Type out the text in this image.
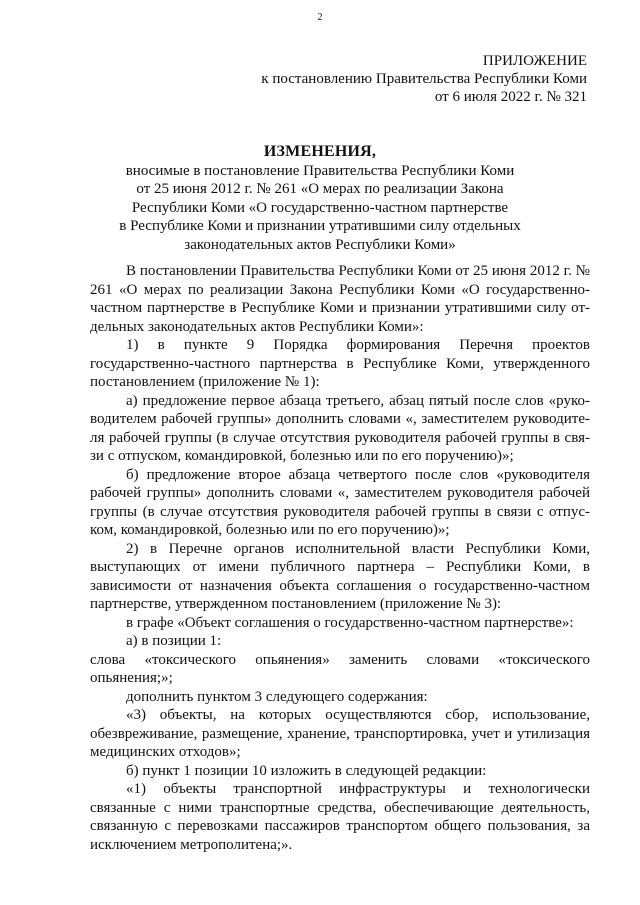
2
ПРИЛОЖЕНИЕ
к постановлению Правительства Республики Коми
от 6 июля 2022 г. № 321
ИЗМЕНЕНИЯ,
вносимые в постановление Правительства Республики Коми
от 25 июня 2012 г. № 261 «О мерах по реализации Закона
Республики Коми «О государственно-частном партнерстве
в Республике Коми и признании утратившими силу отдельных
законодательных актов Республики Коми»

В постановлении Правительства Республики Коми от 25 июня 2012 г. № 261 «О мерах по реализации Закона Республики Коми «О государственно-частном партнерстве в Республике Коми и признании утратившими силу от-дельных законодательных актов Республики Коми»:

1) в пункте 9 Порядка формирования Перечня проектов государственно-частного партнерства в Республике Коми, утвержденного постановлением (приложение № 1):

а) предложение первое абзаца третьего, абзац пятый после слов «руко-водителем рабочей группы» дополнить словами «, заместителем руководите-ля рабочей группы (в случае отсутствия руководителя рабочей группы в свя-зи с отпуском, командировкой, болезнью или по его поручению)»;

б) предложение второе абзаца четвертого после слов «руководителя рабочей группы» дополнить словами «, заместителем руководителя рабочей группы (в случае отсутствия руководителя рабочей группы в связи с отпус-ком, командировкой, болезнью или по его поручению)»;

2) в Перечне органов исполнительной власти Республики Коми, выступающих от имени публичного партнера – Республики Коми, в зависимости от назначения объекта соглашения о государственно-частном партнерстве, утвержденном постановлением (приложение № 3):

в графе «Объект соглашения о государственно-частном партнерстве»:

а) в позиции 1:

слова «токсического опьянения» заменить словами «токсического опьянения;»;

дополнить пунктом 3 следующего содержания:

«3) объекты, на которых осуществляются сбор, использование, обезвреживание, размещение, хранение, транспортировка, учет и утилизация медицинских отходов»;

б) пункт 1 позиции 10 изложить в следующей редакции:

«1) объекты транспортной инфраструктуры и технологически связанные с ними транспортные средства, обеспечивающие деятельность, связанную с перевозками пассажиров транспортом общего пользования, за исключением метрополитена;».
